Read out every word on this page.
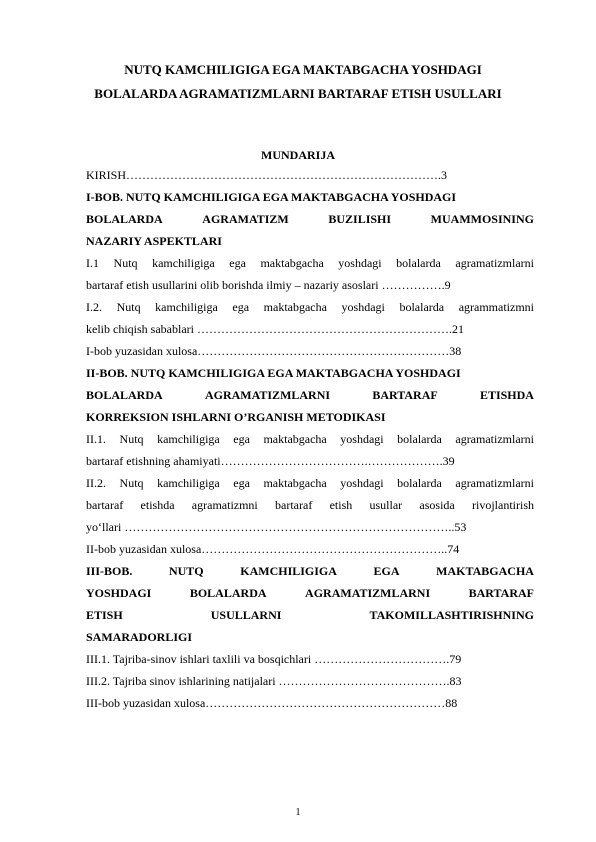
NUTQ KAMCHILIGIGA EGA MAKTABGACHA YOSHDAGI
BOLALARDA AGRAMATIZMLARNI BARTARAF ETISH USULLARI
MUNDARIJA
KIRISH…………………………………………………………………….3
I-BOB. NUTQ KAMCHILIGIGA EGA MAKTABGACHA YOSHDAGI
BOLALARDA	AGRAMATIZM	BUZILISHI	MUAMMOSINING
NAZARIY ASPEKTLARI
I.1 Nutq kamchiligiga ega maktabgacha yoshdagi bolalarda agramatizmlarni
bartaraf etish usullarini olib borishda ilmiy – nazariy asoslari …………….9
I.2. Nutq kamchiligiga ega maktabgacha yoshdagi bolalarda agrammatizmni
kelib chiqish sabablari ……………………………………………………….21
I-bob yuzasidan xulosa………………………………………………………38
II-BOB. NUTQ KAMCHILIGIGA EGA MAKTABGACHA YOSHDAGI
BOLALARDA	AGRAMATIZMLARNI	BARTARAF	ETISHDA
KORREKSION ISHLARNI O’RGANISH METODIKASI
II.1. Nutq kamchiligiga ega maktabgacha yoshdagi bolalarda agramatizmlarni
bartaraf etishning ahamiyati……………………………….……………….39
II.2. Nutq kamchiligiga ega maktabgacha yoshdagi bolalarda agramatizmlarni
bartaraf etishda agramatizmni bartaraf etish usullar asosida rivojlantirish
yo‘llari ………………………………………………………………………..53
II-bob yuzasidan xulosa……………………………………………………..74
III-BOB.	NUTQ	KAMCHILIGIGA	EGA	MAKTABGACHA
YOSHDAGI	BOLALARDA	AGRAMATIZMLARNI	BARTARAF
ETISH	USULLARNI	TAKOMILLASHTIRISHNING
SAMARADORLIGI
III.1. Tajriba-sinov ishlari taxlili va bosqichlari …………………………….79
III.2. Tajriba sinov ishlarining natijalari …………………………………….83
III-bob yuzasidan xulosa……………………………………………………88
1
